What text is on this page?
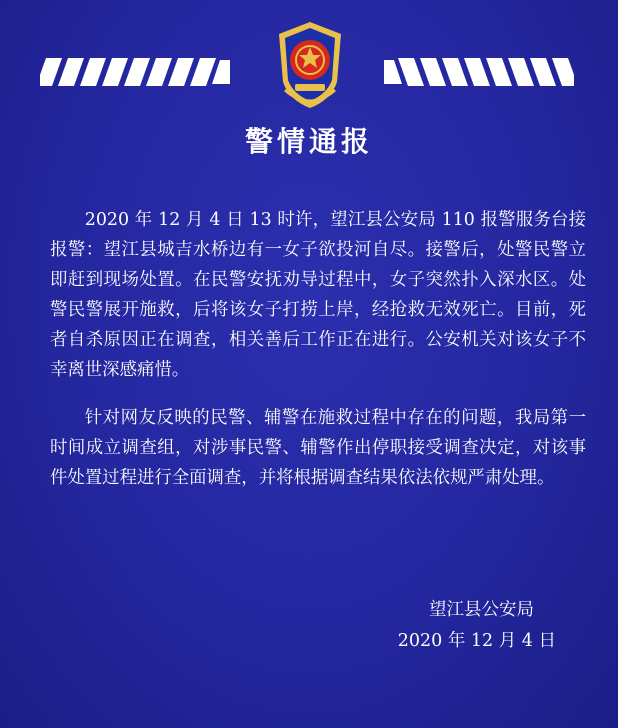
警情通报

2020 年 12 月 4 日 13 时许，望江县公安局 110 报警服务台接报警：望江县城吉水桥边有一女子欲投河自尽。接警后，处警民警立即赶到现场处置。在民警安抚劝导过程中，女子突然扑入深水区。处警民警展开施救，后将该女子打捞上岸，经抢救无效死亡。目前，死者自杀原因正在调查，相关善后工作正在进行。公安机关对该女子不幸离世深感痛惜。

针对网友反映的民警、辅警在施救过程中存在的问题，我局第一时间成立调查组，对涉事民警、辅警作出停职接受调查决定，对该事件处置过程进行全面调查，并将根据调查结果依法依规严肃处理。

望江县公安局
2020 年 12 月 4 日
